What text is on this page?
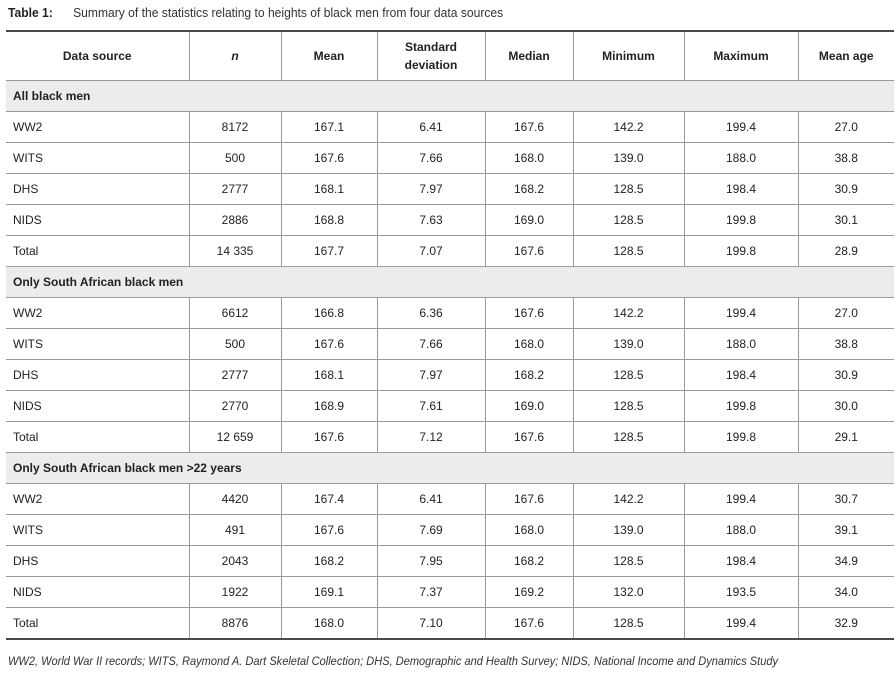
Table 1: Summary of the statistics relating to heights of black men from four data sources
Data source	n	Mean	Standard deviation	Median	Minimum	Maximum	Mean age
All black men							
WW2	8172	167.1	6.41	167.6	142.2	199.4	27.0
WITS	500	167.6	7.66	168.0	139.0	188.0	38.8
DHS	2777	168.1	7.97	168.2	128.5	198.4	30.9
NIDS	2886	168.8	7.63	169.0	128.5	199.8	30.1
Total	14 335	167.7	7.07	167.6	128.5	199.8	28.9
Only South African black men							
WW2	6612	166.8	6.36	167.6	142.2	199.4	27.0
WITS	500	167.6	7.66	168.0	139.0	188.0	38.8
DHS	2777	168.1	7.97	168.2	128.5	198.4	30.9
NIDS	2770	168.9	7.61	169.0	128.5	199.8	30.0
Total	12 659	167.6	7.12	167.6	128.5	199.8	29.1
Only South African black men >22 years							
WW2	4420	167.4	6.41	167.6	142.2	199.4	30.7
WITS	491	167.6	7.69	168.0	139.0	188.0	39.1
DHS	2043	168.2	7.95	168.2	128.5	198.4	34.9
NIDS	1922	169.1	7.37	169.2	132.0	193.5	34.0
Total	8876	168.0	7.10	167.6	128.5	199.4	32.9
WW2, World War II records; WITS, Raymond A. Dart Skeletal Collection; DHS, Demographic and Health Survey; NIDS, National Income and Dynamics Study
